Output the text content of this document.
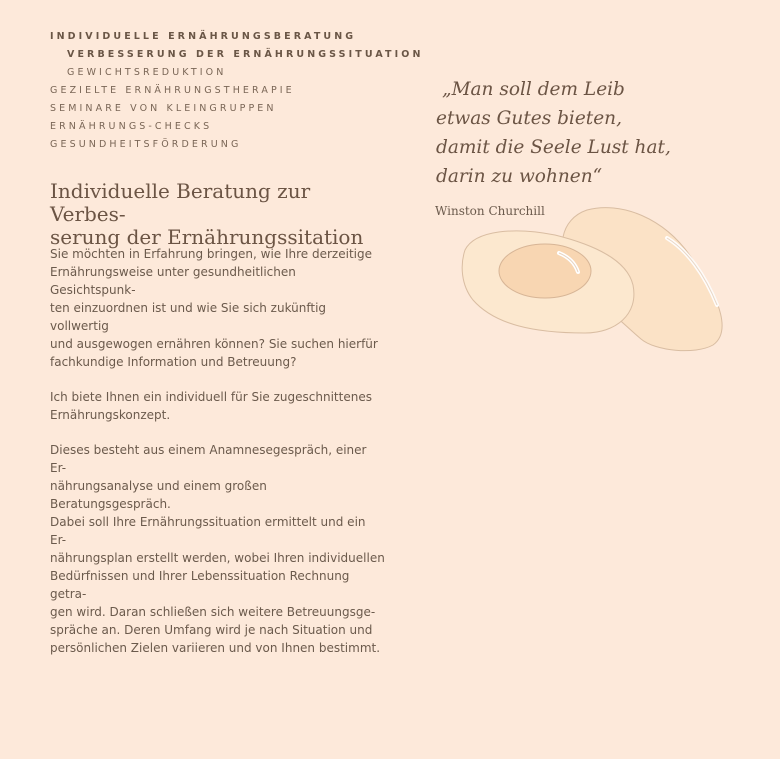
INDIVIDUELLE ERNÄHRUNGSBERATUNG
VERBESSERUNG DER ERNÄHRUNGSSITUATION
GEWICHTSREDUKTION
GEZIELTE ERNÄHRUNGSTHERAPIE
SEMINARE VON KLEINGRUPPEN
ERNÄHRUNGS-CHECKS
GESUNDHEITSFÖRDERUNG
Individuelle Beratung zur Verbes-
serung der Ernährungssitation

Sie möchten in Erfahrung bringen, wie Ihre derzeitige
Ernährungsweise unter gesundheitlichen Gesichtspunk-
ten einzuordnen ist und wie Sie sich zukünftig vollwertig
und ausgewogen ernähren können? Sie suchen hierfür
fachkundige Information und Betreuung?

Ich biete Ihnen ein individuell für Sie zugeschnittenes
Ernährungskonzept.

Dieses besteht aus einem Anamnesegespräch, einer Er-
nährungsanalyse und einem großen Beratungsgespräch.
Dabei soll Ihre Ernährungssituation ermittelt und ein Er-
nährungsplan erstellt werden, wobei Ihren individuellen
Bedürfnissen und Ihrer Lebenssituation Rechnung getra-
gen wird. Daran schließen sich weitere Betreuungsge-
spräche an. Deren Umfang wird je nach Situation und
persönlichen Zielen variieren und von Ihnen bestimmt.

„Man soll dem Leib
etwas Gutes bieten,
damit die Seele Lust hat,
darin zu wohnen“
Winston Churchill
